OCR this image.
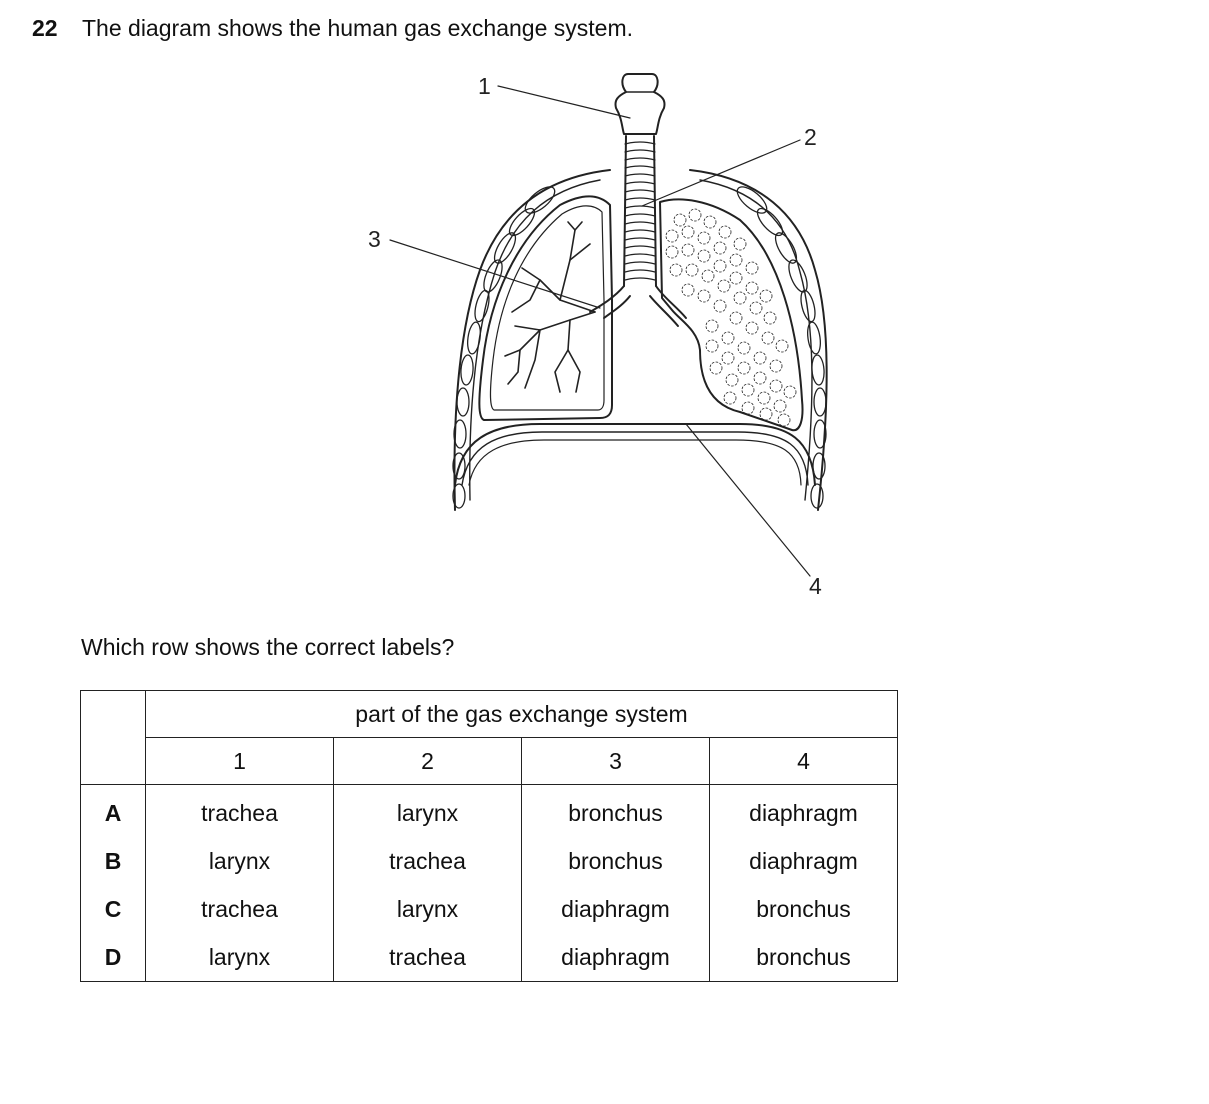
22 The diagram shows the human gas exchange system.
1
2
3
4
Which row shows the correct labels?
	part of the gas exchange system			
	1	2	3	4
A	trachea	larynx	bronchus	diaphragm
B	larynx	trachea	bronchus	diaphragm
C	trachea	larynx	diaphragm	bronchus
D	larynx	trachea	diaphragm	bronchus
